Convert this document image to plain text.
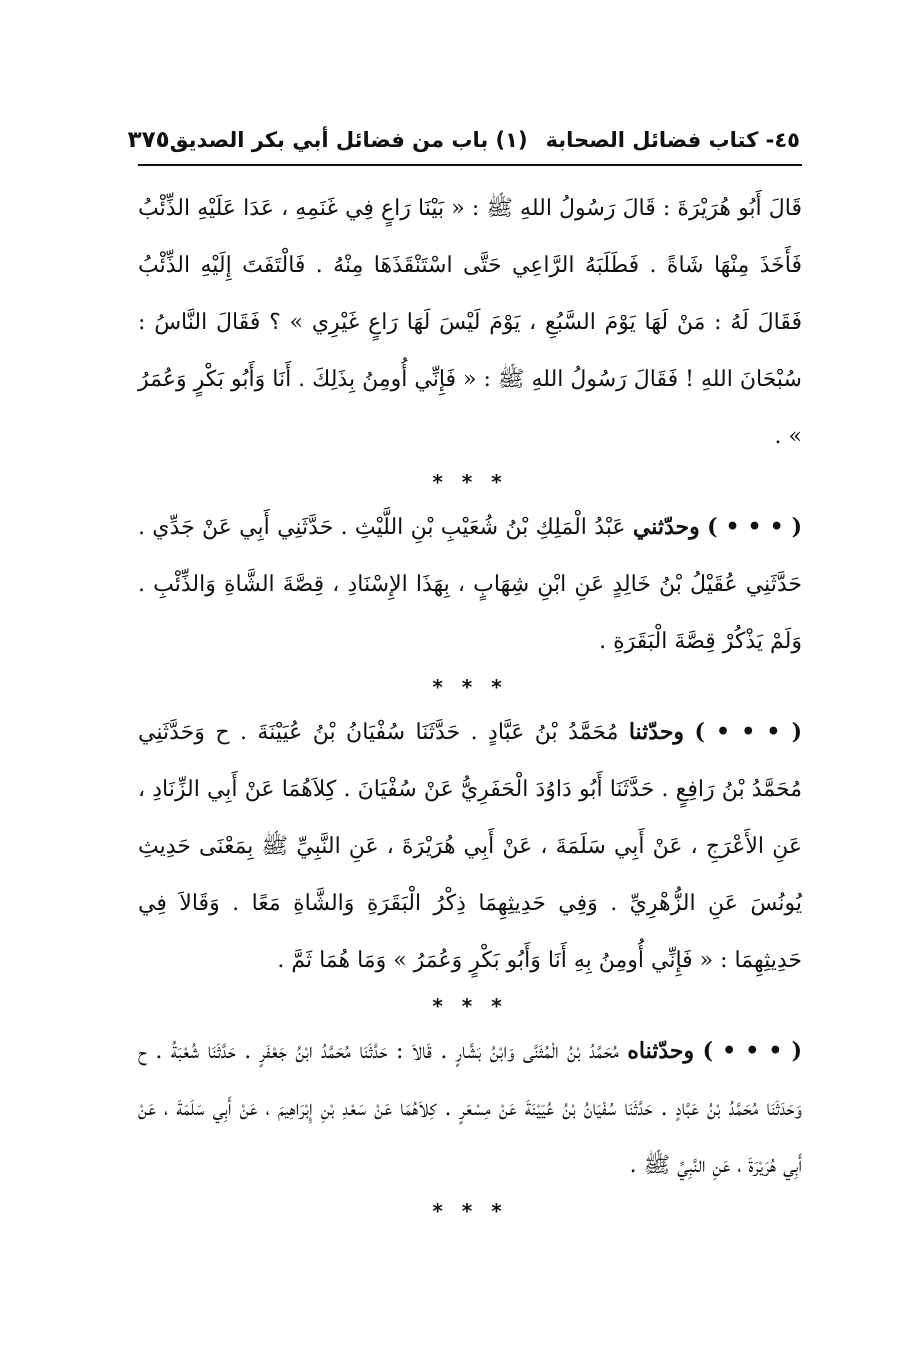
٤٥- كتاب فضائل الصحابة
(١) باب من فضائل أبي بكر الصديق
٣٧٥

قَالَ أَبُو هُرَيْرَةَ : قَالَ رَسُولُ اللهِ ﷺ : « بَيْنَا رَاعٍ فِي غَنَمِهِ ، عَدَا عَلَيْهِ الذِّئْبُ فَأَخَذَ مِنْهَا شَاةً . فَطَلَبَهُ الرَّاعِي حَتَّى اسْتَنْقَذَهَا مِنْهُ . فَالْتَفَتَ إِلَيْهِ الذِّئْبُ فَقَالَ لَهُ : مَنْ لَهَا يَوْمَ السَّبُعِ ، يَوْمَ لَيْسَ لَهَا رَاعٍ غَيْرِي » ؟ فَقَالَ النَّاسُ : سُبْحَانَ اللهِ ! فَقَالَ رَسُولُ اللهِ ﷺ : « فَإِنِّي أُومِنُ بِذَلِكَ . أَنَا وَأَبُو بَكْرٍ وَعُمَرُ » .

* * *

( • • • ) وحدّثني عَبْدُ الْمَلِكِ بْنُ شُعَيْبِ بْنِ اللَّيْثِ . حَدَّثَنِي أَبِي عَنْ جَدِّي . حَدَّثَنِي عُقَيْلُ بْنُ خَالِدٍ عَنِ ابْنِ شِهَابٍ ، بِهَذَا الإِسْنَادِ ، قِصَّةَ الشَّاةِ وَالذِّئْبِ . وَلَمْ يَذْكُرْ قِصَّةَ الْبَقَرَةِ .

* * *

( • • • ) وحدّثنا مُحَمَّدُ بْنُ عَبَّادٍ . حَدَّثَنَا سُفْيَانُ بْنُ عُيَيْنَةَ . ح وَحَدَّثَنِي مُحَمَّدُ بْنُ رَافِعٍ . حَدَّثَنَا أَبُو دَاوُدَ الْحَفَرِيُّ عَنْ سُفْيَانَ . كِلاَهُمَا عَنْ أَبِي الزِّنَادِ ، عَنِ الأَعْرَجِ ، عَنْ أَبِي سَلَمَةَ ، عَنْ أَبِي هُرَيْرَةَ ، عَنِ النَّبِيِّ ﷺ بِمَعْنَى حَدِيثِ يُونُسَ عَنِ الزُّهْرِيِّ . وَفِي حَدِيثِهِمَا ذِكْرُ الْبَقَرَةِ وَالشَّاةِ مَعًا . وَقَالاَ فِي حَدِيثِهِمَا : « فَإِنِّي أُومِنُ بِهِ أَنَا وَأَبُو بَكْرٍ وَعُمَرُ » وَمَا هُمَا ثَمَّ .

* * *

( • • • ) وحدّثناه مُحَمَّدُ بْنُ الْمُثَنَّى وَابْنُ بَشَّارٍ . قَالاَ : حَدَّثَنَا مُحَمَّدُ ابْنُ جَعْفَرٍ . حَدَّثَنَا شُعْبَةُ . ح وَحَدَثَنَا مُحَمَّدُ بْنُ عَبَّادٍ . حَدَّثَنَا سُفْيَانُ بْنُ عُيَيْنَةَ عَنْ مِسْعَرٍ . كِلاَهُمَا عَنْ سَعْدِ بْنِ إِبْرَاهِيمَ ، عَنْ أَبِي سَلَمَةَ ، عَنْ أَبِي هُرَيْرَةَ ، عَنِ النَّبِيِّ ﷺ .

* * *
